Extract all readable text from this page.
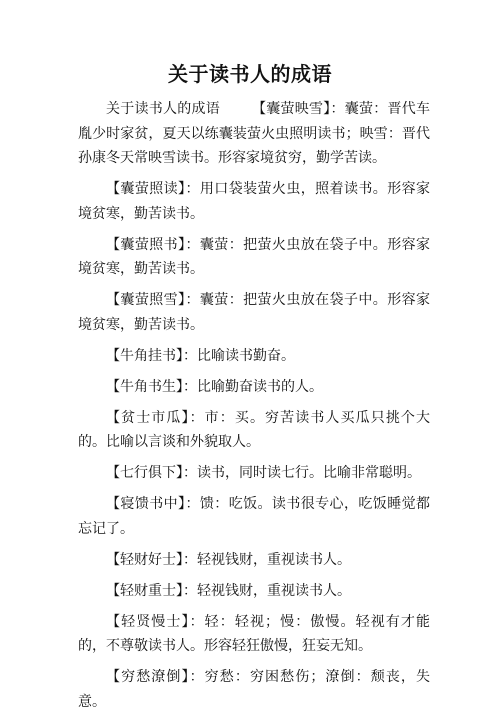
关于读书人的成语

关于读书人的成语 【囊萤映雪】：囊萤：晋代车胤少时家贫，夏天以练囊装萤火虫照明读书；映雪：晋代孙康冬天常映雪读书。形容家境贫穷，勤学苦读。

【囊萤照读】：用口袋装萤火虫，照着读书。形容家境贫寒，勤苦读书。

【囊萤照书】：囊萤：把萤火虫放在袋子中。形容家境贫寒，勤苦读书。

【囊萤照雪】：囊萤：把萤火虫放在袋子中。形容家境贫寒，勤苦读书。

【牛角挂书】：比喻读书勤奋。

【牛角书生】：比喻勤奋读书的人。

【贫士市瓜】：市：买。穷苦读书人买瓜只挑个大的。比喻以言谈和外貌取人。

【七行俱下】：读书，同时读七行。比喻非常聪明。

【寝馈书中】：馈：吃饭。读书很专心，吃饭睡觉都忘记了。

【轻财好士】：轻视钱财，重视读书人。

【轻财重士】：轻视钱财，重视读书人。

【轻贤慢士】：轻：轻视；慢：傲慢。轻视有才能的，不尊敬读书人。形容轻狂傲慢，狂妄无知。

【穷愁潦倒】：穷愁：穷困愁伤；潦倒：颓丧，失意。
